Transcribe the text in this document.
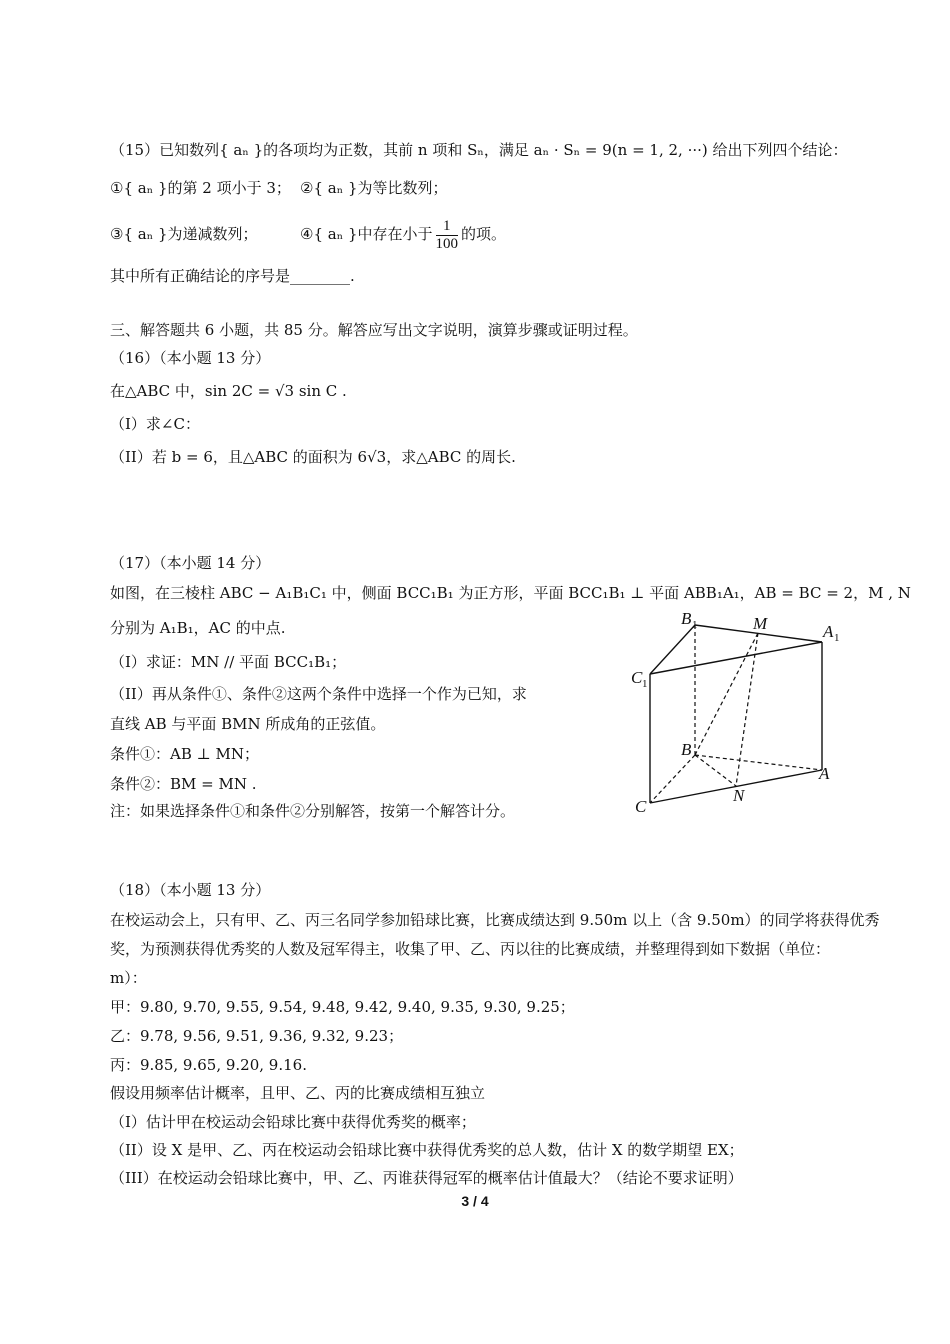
（15）已知数列{ aₙ }的各项均为正数，其前 n 项和 Sₙ，满足 aₙ · Sₙ = 9(n = 1, 2, ···) 给出下列四个结论：
①{ aₙ }的第 2 项小于 3； ②{ aₙ }为等比数列；
③{ aₙ }为递减数列；	④{ aₙ }中存在小于 $\frac{1}{100}$ 的项。
其中所有正确结论的序号是________.
三、解答题共 6 小题，共 85 分。解答应写出文字说明，演算步骤或证明过程。
（16）（本小题 13 分）
在△ABC 中，sin 2C = √3 sin C .
（I）求∠C：
（II）若 b = 6，且△ABC 的面积为 6√3，求△ABC 的周长.
（17）（本小题 14 分）
如图，在三棱柱 ABC − A₁B₁C₁ 中，侧面 BCC₁B₁ 为正方形，平面 BCC₁B₁ ⊥ 平面 ABB₁A₁，AB = BC = 2，M , N
分别为 A₁B₁，AC 的中点.
（I）求证：MN // 平面 BCC₁B₁；
（II）再从条件①、条件②这两个条件中选择一个作为已知，求
直线 AB 与平面 BMN 所成角的正弦值。
条件①：AB ⊥ MN；
条件②：BM = MN .
注：如果选择条件①和条件②分别解答，按第一个解答计分。
B 1	M	A 1
C 1
B
A
N
C
（18）（本小题 13 分）
在校运动会上，只有甲、乙、丙三名同学参加铅球比赛，比赛成绩达到 9.50m 以上（含 9.50m）的同学将获得优秀
奖，为预测获得优秀奖的人数及冠军得主，收集了甲、乙、丙以往的比赛成绩，并整理得到如下数据（单位：
m）：
甲：9.80, 9.70, 9.55, 9.54, 9.48, 9.42, 9.40, 9.35, 9.30, 9.25；
乙：9.78, 9.56, 9.51, 9.36, 9.32, 9.23；
丙：9.85, 9.65, 9.20, 9.16.
假设用频率估计概率，且甲、乙、丙的比赛成绩相互独立
（I）估计甲在校运动会铅球比赛中获得优秀奖的概率；
（II）设 X 是甲、乙、丙在校运动会铅球比赛中获得优秀奖的总人数，估计 X 的数学期望 EX；
（III）在校运动会铅球比赛中，甲、乙、丙谁获得冠军的概率估计值最大？（结论不要求证明）
3 / 4
